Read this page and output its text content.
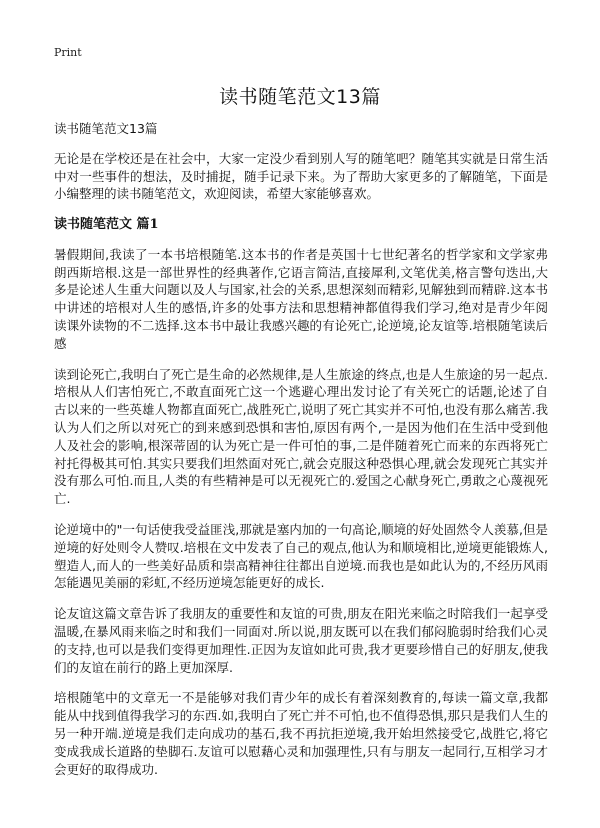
Print
读书随笔范文13篇

读书随笔范文13篇

无论是在学校还是在社会中，大家一定没少看到别人写的随笔吧？随笔其实就是日常生活中对一些事件的想法，及时捕捉，随手记录下来。为了帮助大家更多的了解随笔，下面是小编整理的读书随笔范文，欢迎阅读，希望大家能够喜欢。

读书随笔范文 篇1

暑假期间,我读了一本书培根随笔.这本书的作者是英国十七世纪著名的哲学家和文学家弗朗西斯培根.这是一部世界性的经典著作,它语言简洁,直接犀利,文笔优美,格言警句迭出,大多是论述人生重大问题以及人与国家,社会的关系,思想深刻而精彩,见解独到而精辟.这本书中讲述的培根对人生的感悟,许多的处事方法和思想精神都值得我们学习,绝对是青少年阅读课外读物的不二选择.这本书中最让我感兴趣的有论死亡,论逆境,论友谊等.培根随笔读后感

读到论死亡,我明白了死亡是生命的必然规律,是人生旅途的终点,也是人生旅途的另一起点.培根从人们害怕死亡,不敢直面死亡这一个逃避心理出发讨论了有关死亡的话题,论述了自古以来的一些英雄人物都直面死亡,战胜死亡,说明了死亡其实并不可怕,也没有那么痛苦.我认为人们之所以对死亡的到来感到恐惧和害怕,原因有两个,一是因为他们在生活中受到他人及社会的影响,根深蒂固的认为死亡是一件可怕的事,二是伴随着死亡而来的东西将死亡衬托得极其可怕.其实只要我们坦然面对死亡,就会克服这种恐惧心理,就会发现死亡其实并没有那么可怕.而且,人类的有些精神是可以无视死亡的.爱国之心献身死亡,勇敢之心蔑视死亡.

论逆境中的"一句话使我受益匪浅,那就是塞内加的一句高论,顺境的好处固然令人羡慕,但是逆境的好处则令人赞叹.培根在文中发表了自己的观点,他认为和顺境相比,逆境更能锻炼人,塑造人,而人的一些美好品质和崇高精神往往都出自逆境.而我也是如此认为的,不经历风雨怎能遇见美丽的彩虹,不经历逆境怎能更好的成长.

论友谊这篇文章告诉了我朋友的重要性和友谊的可贵,朋友在阳光来临之时陪我们一起享受温暖,在暴风雨来临之时和我们一同面对.所以说,朋友既可以在我们郁闷脆弱时给我们心灵的支持,也可以是我们变得更加理性.正因为友谊如此可贵,我才更要珍惜自己的好朋友,使我们的友谊在前行的路上更加深厚.

培根随笔中的文章无一不是能够对我们青少年的成长有着深刻教育的,每读一篇文章,我都能从中找到值得我学习的东西.如,我明白了死亡并不可怕,也不值得恐惧,那只是我们人生的另一种开端.逆境是我们走向成功的基石,我不再抗拒逆境,我开始坦然接受它,战胜它,将它变成我成长道路的垫脚石.友谊可以慰藉心灵和加强理性,只有与朋友一起同行,互相学习才会更好的取得成功.
